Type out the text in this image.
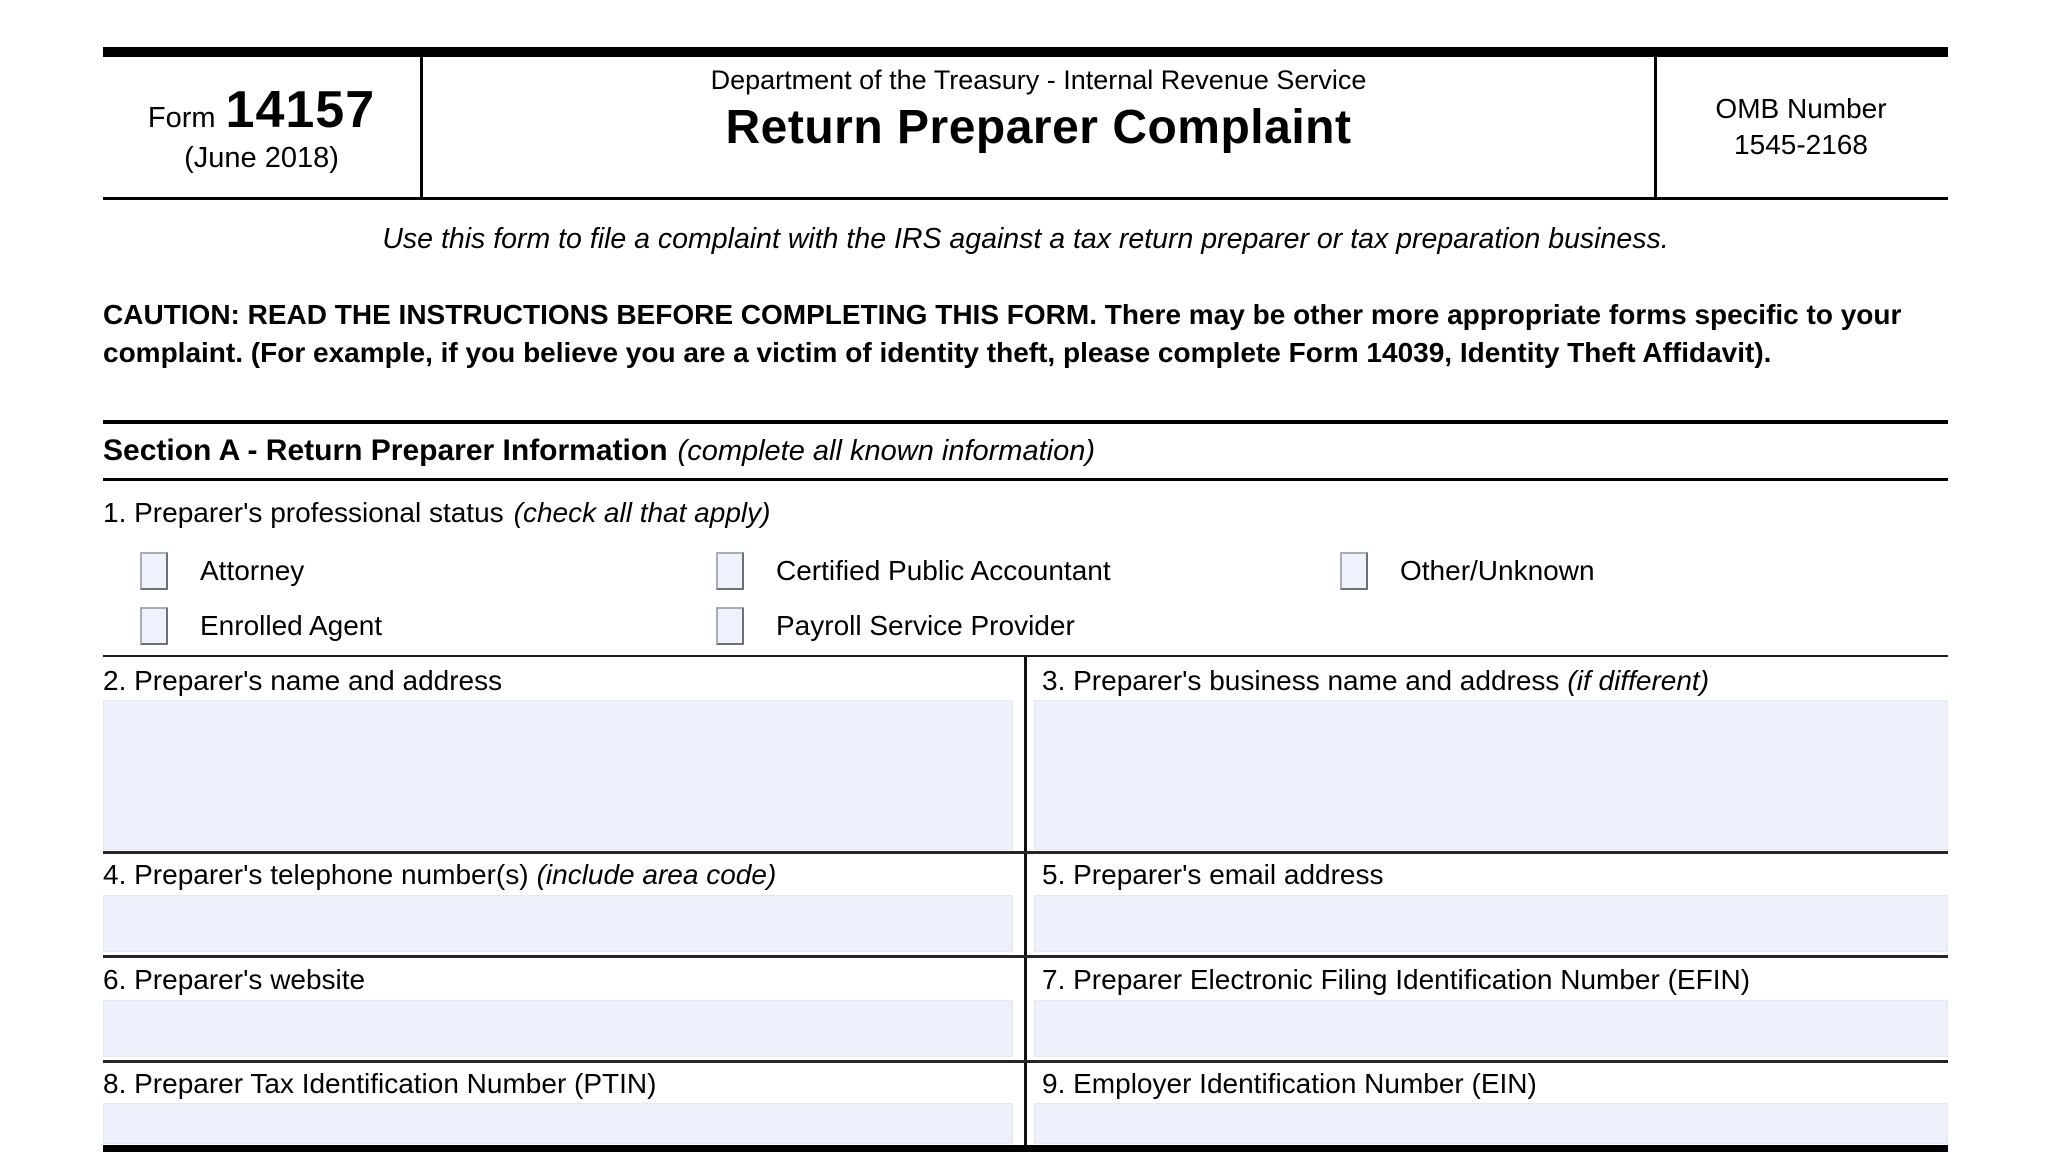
Form 14157
(June 2018)
Department of the Treasury - Internal Revenue Service
Return Preparer Complaint	OMB Number
1545-2168
Use this form to file a complaint with the IRS against a tax return preparer or tax preparation business.
CAUTION: READ THE INSTRUCTIONS BEFORE COMPLETING THIS FORM. There may be other more appropriate forms specific to your complaint. (For example, if you believe you are a victim of identity theft, please complete Form 14039, Identity Theft Affidavit).
Section A - Return Preparer Information (complete all known information)
1. Preparer's professional status (check all that apply)
Attorney	Certified Public Accountant	Other/Unknown
Enrolled Agent	Payroll Service Provider
2. Preparer's name and address	3. Preparer's business name and address (if different)
4. Preparer's telephone number(s) (include area code)	5. Preparer's email address
6. Preparer's website	7. Preparer Electronic Filing Identification Number (EFIN)
8. Preparer Tax Identification Number (PTIN)	9. Employer Identification Number (EIN)
